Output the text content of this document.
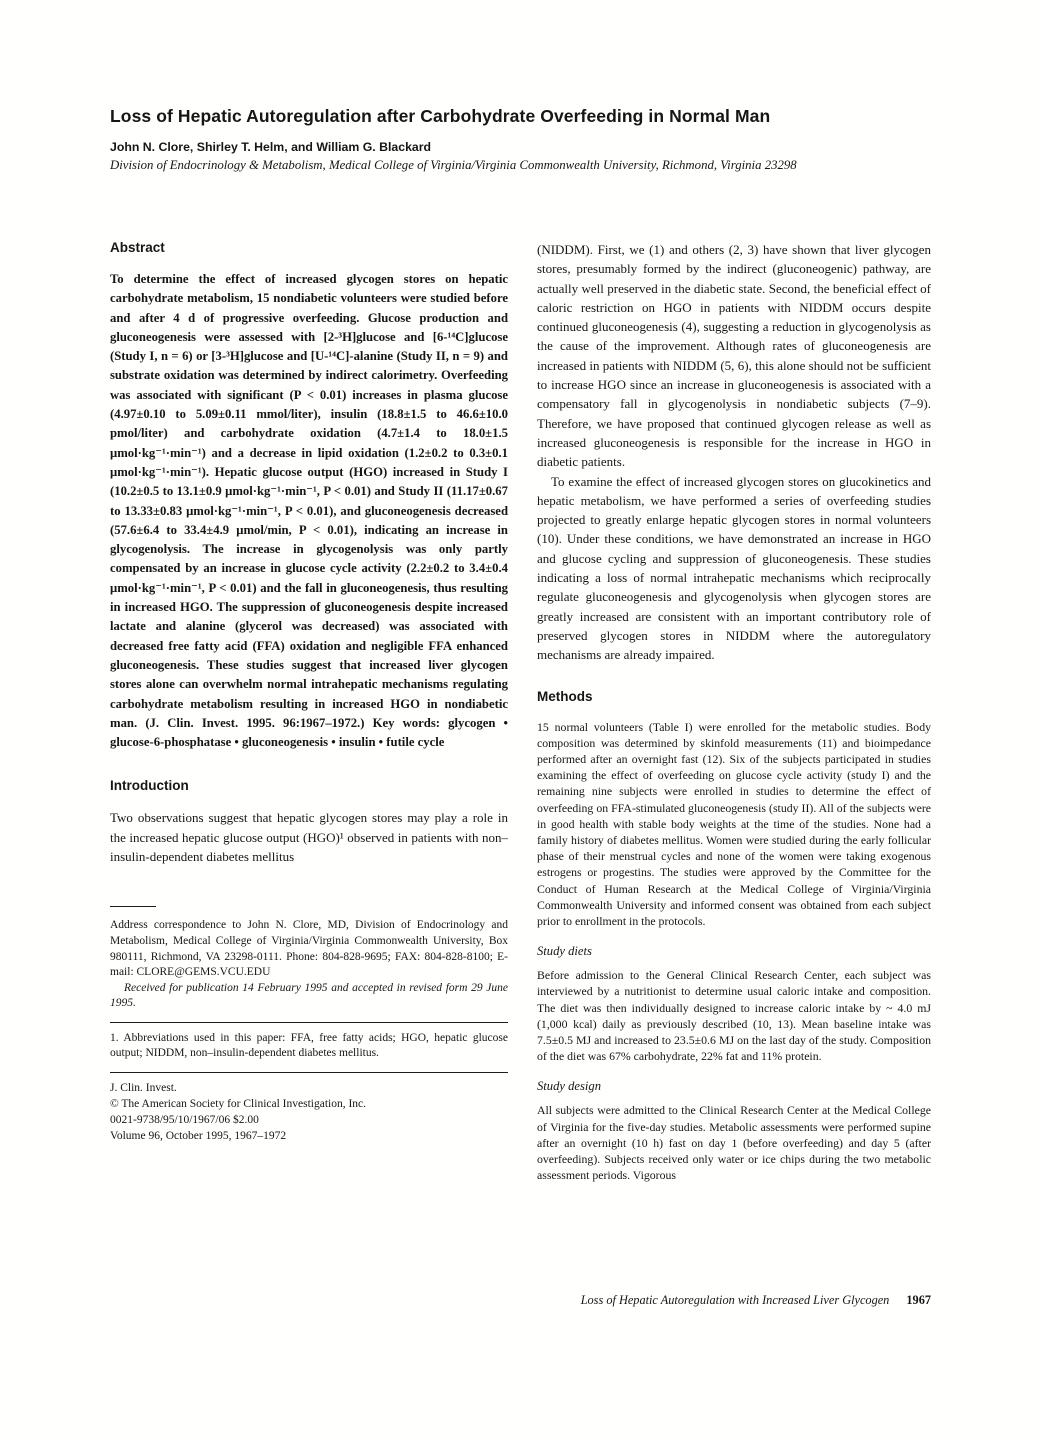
Loss of Hepatic Autoregulation after Carbohydrate Overfeeding in Normal Man
John N. Clore, Shirley T. Helm, and William G. Blackard
Division of Endocrinology & Metabolism, Medical College of Virginia/Virginia Commonwealth University, Richmond, Virginia 23298
Abstract

To determine the effect of increased glycogen stores on hepatic carbohydrate metabolism, 15 nondiabetic volunteers were studied before and after 4 d of progressive overfeeding. Glucose production and gluconeogenesis were assessed with [2-³H]glucose and [6-¹⁴C]glucose (Study I, n = 6) or [3-³H]glucose and [U-¹⁴C]-alanine (Study II, n = 9) and substrate oxidation was determined by indirect calorimetry. Overfeeding was associated with significant (P < 0.01) increases in plasma glucose (4.97±0.10 to 5.09±0.11 mmol/liter), insulin (18.8±1.5 to 46.6±10.0 pmol/liter) and carbohydrate oxidation (4.7±1.4 to 18.0±1.5 μmol·kg⁻¹·min⁻¹) and a decrease in lipid oxidation (1.2±0.2 to 0.3±0.1 μmol·kg⁻¹·min⁻¹). Hepatic glucose output (HGO) increased in Study I (10.2±0.5 to 13.1±0.9 μmol·kg⁻¹·min⁻¹, P < 0.01) and Study II (11.17±0.67 to 13.33±0.83 μmol·kg⁻¹·min⁻¹, P < 0.01), and gluconeogenesis decreased (57.6±6.4 to 33.4±4.9 μmol/min, P < 0.01), indicating an increase in glycogenolysis. The increase in glycogenolysis was only partly compensated by an increase in glucose cycle activity (2.2±0.2 to 3.4±0.4 μmol·kg⁻¹·min⁻¹, P < 0.01) and the fall in gluconeogenesis, thus resulting in increased HGO. The suppression of gluconeogenesis despite increased lactate and alanine (glycerol was decreased) was associated with decreased free fatty acid (FFA) oxidation and negligible FFA enhanced gluconeogenesis. These studies suggest that increased liver glycogen stores alone can overwhelm normal intrahepatic mechanisms regulating carbohydrate metabolism resulting in increased HGO in nondiabetic man. (J. Clin. Invest. 1995. 96:1967–1972.) Key words: glycogen • glucose-6-phosphatase • gluconeogenesis • insulin • futile cycle

Introduction

Two observations suggest that hepatic glycogen stores may play a role in the increased hepatic glucose output (HGO)¹ observed in patients with non–insulin-dependent diabetes mellitus

Address correspondence to John N. Clore, MD, Division of Endocrinology and Metabolism, Medical College of Virginia/Virginia Commonwealth University, Box 980111, Richmond, VA 23298-0111. Phone: 804-828-9695; FAX: 804-828-8100; E-mail: CLORE@GEMS.VCU.EDU

Received for publication 14 February 1995 and accepted in revised form 29 June 1995.

1. Abbreviations used in this paper: FFA, free fatty acids; HGO, hepatic glucose output; NIDDM, non–insulin-dependent diabetes mellitus.

J. Clin. Invest.
© The American Society for Clinical Investigation, Inc.
0021-9738/95/10/1967/06 $2.00
Volume 96, October 1995, 1967–1972

(NIDDM). First, we (1) and others (2, 3) have shown that liver glycogen stores, presumably formed by the indirect (gluconeogenic) pathway, are actually well preserved in the diabetic state. Second, the beneficial effect of caloric restriction on HGO in patients with NIDDM occurs despite continued gluconeogenesis (4), suggesting a reduction in glycogenolysis as the cause of the improvement. Although rates of gluconeogenesis are increased in patients with NIDDM (5, 6), this alone should not be sufficient to increase HGO since an increase in gluconeogenesis is associated with a compensatory fall in glycogenolysis in nondiabetic subjects (7–9). Therefore, we have proposed that continued glycogen release as well as increased gluconeogenesis is responsible for the increase in HGO in diabetic patients.

To examine the effect of increased glycogen stores on glucokinetics and hepatic metabolism, we have performed a series of overfeeding studies projected to greatly enlarge hepatic glycogen stores in normal volunteers (10). Under these conditions, we have demonstrated an increase in HGO and glucose cycling and suppression of gluconeogenesis. These studies indicating a loss of normal intrahepatic mechanisms which reciprocally regulate gluconeogenesis and glycogenolysis when glycogen stores are greatly increased are consistent with an important contributory role of preserved glycogen stores in NIDDM where the autoregulatory mechanisms are already impaired.

Methods

15 normal volunteers (Table I) were enrolled for the metabolic studies. Body composition was determined by skinfold measurements (11) and bioimpedance performed after an overnight fast (12). Six of the subjects participated in studies examining the effect of overfeeding on glucose cycle activity (study I) and the remaining nine subjects were enrolled in studies to determine the effect of overfeeding on FFA-stimulated gluconeogenesis (study II). All of the subjects were in good health with stable body weights at the time of the studies. None had a family history of diabetes mellitus. Women were studied during the early follicular phase of their menstrual cycles and none of the women were taking exogenous estrogens or progestins. The studies were approved by the Committee for the Conduct of Human Research at the Medical College of Virginia/Virginia Commonwealth University and informed consent was obtained from each subject prior to enrollment in the protocols.

Study diets

Before admission to the General Clinical Research Center, each subject was interviewed by a nutritionist to determine usual caloric intake and composition. The diet was then individually designed to increase caloric intake by ~ 4.0 mJ (1,000 kcal) daily as previously described (10, 13). Mean baseline intake was 7.5±0.5 MJ and increased to 23.5±0.6 MJ on the last day of the study. Composition of the diet was 67% carbohydrate, 22% fat and 11% protein.

Study design

All subjects were admitted to the Clinical Research Center at the Medical College of Virginia for the five-day studies. Metabolic assessments were performed supine after an overnight (10 h) fast on day 1 (before overfeeding) and day 5 (after overfeeding). Subjects received only water or ice chips during the two metabolic assessment periods. Vigorous

Loss of Hepatic Autoregulation with Increased Liver Glycogen 1967
